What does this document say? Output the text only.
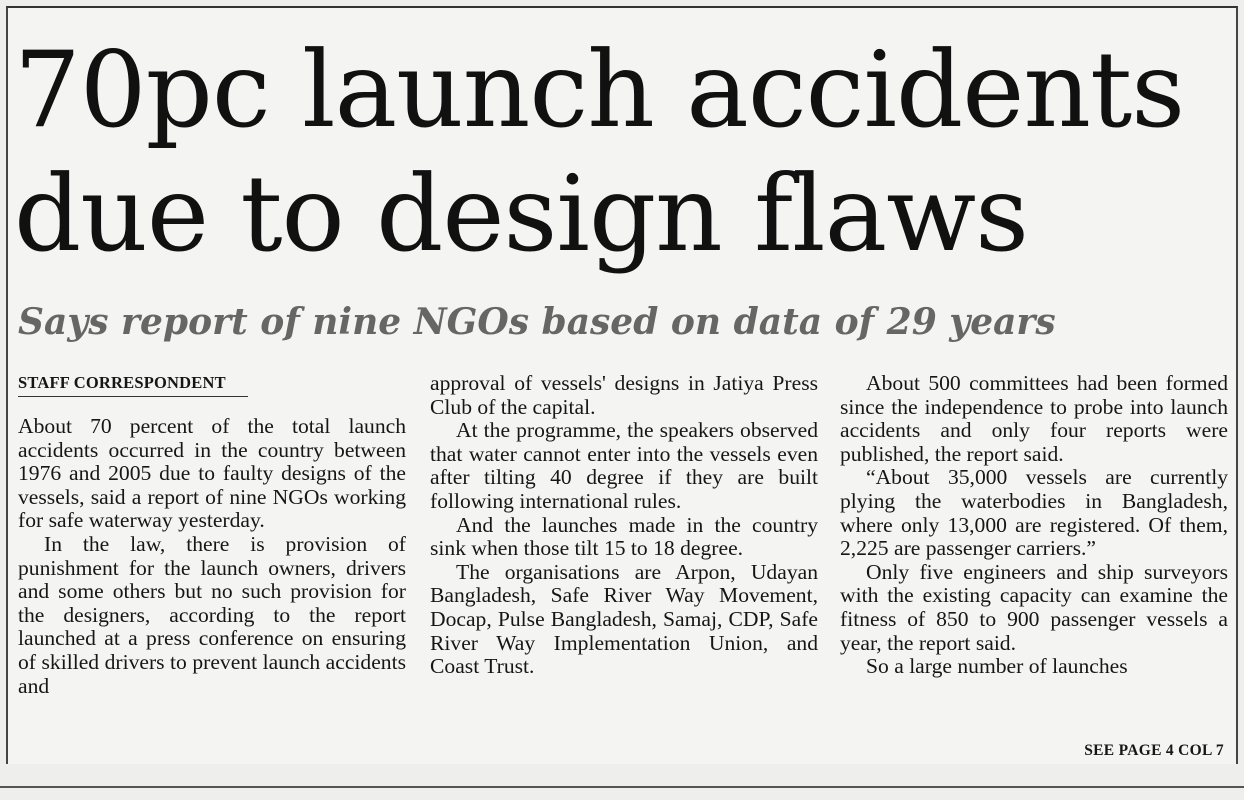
70pc launch accidents
due to design flaws
Says report of nine NGOs based on data of 29 years
STAFF CORRESPONDENT

About 70 percent of the total launch accidents occurred in the country between 1976 and 2005 due to faulty designs of the vessels, said a report of nine NGOs working for safe waterway yesterday.

In the law, there is provision of punishment for the launch owners, drivers and some others but no such provision for the designers, according to the report launched at a press conference on ensuring of skilled drivers to prevent launch accidents and

approval of vessels' designs in Jatiya Press Club of the capital.

At the programme, the speakers observed that water cannot enter into the vessels even after tilting 40 degree if they are built following international rules.

And the launches made in the country sink when those tilt 15 to 18 degree.

The organisations are Arpon, Udayan Bangladesh, Safe River Way Movement, Docap, Pulse Bangladesh, Samaj, CDP, Safe River Way Implementation Union, and Coast Trust.

About 500 committees had been formed since the independence to probe into launch accidents and only four reports were published, the report said.

“About 35,000 vessels are currently plying the waterbodies in Bangladesh, where only 13,000 are registered. Of them, 2,225 are passenger carriers.”

Only five engineers and ship surveyors with the existing capacity can examine the fitness of 850 to 900 passenger vessels a year, the report said.

So a large number of launches

SEE PAGE 4 COL 7
